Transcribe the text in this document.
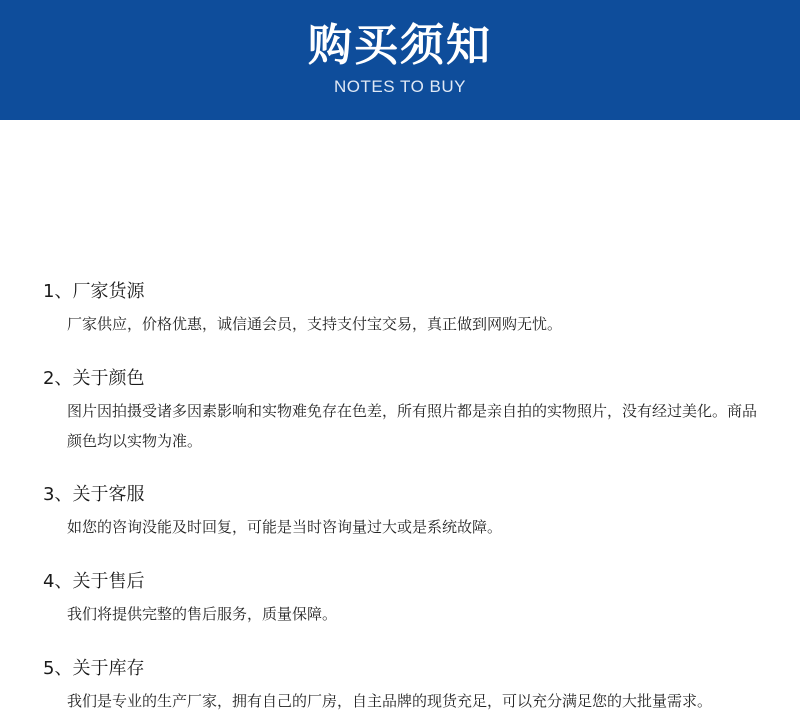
购买须知
NOTES TO BUY
1、厂家货源
厂家供应，价格优惠，诚信通会员，支持支付宝交易，真正做到网购无忧。
2、关于颜色
图片因拍摄受诸多因素影响和实物难免存在色差，所有照片都是亲自拍的实物照片，没有经过美化。商品颜色均以实物为准。
3、关于客服
如您的咨询没能及时回复，可能是当时咨询量过大或是系统故障。
4、关于售后
我们将提供完整的售后服务，质量保障。
5、关于库存
我们是专业的生产厂家，拥有自己的厂房，自主品牌的现货充足，可以充分满足您的大批量需求。
